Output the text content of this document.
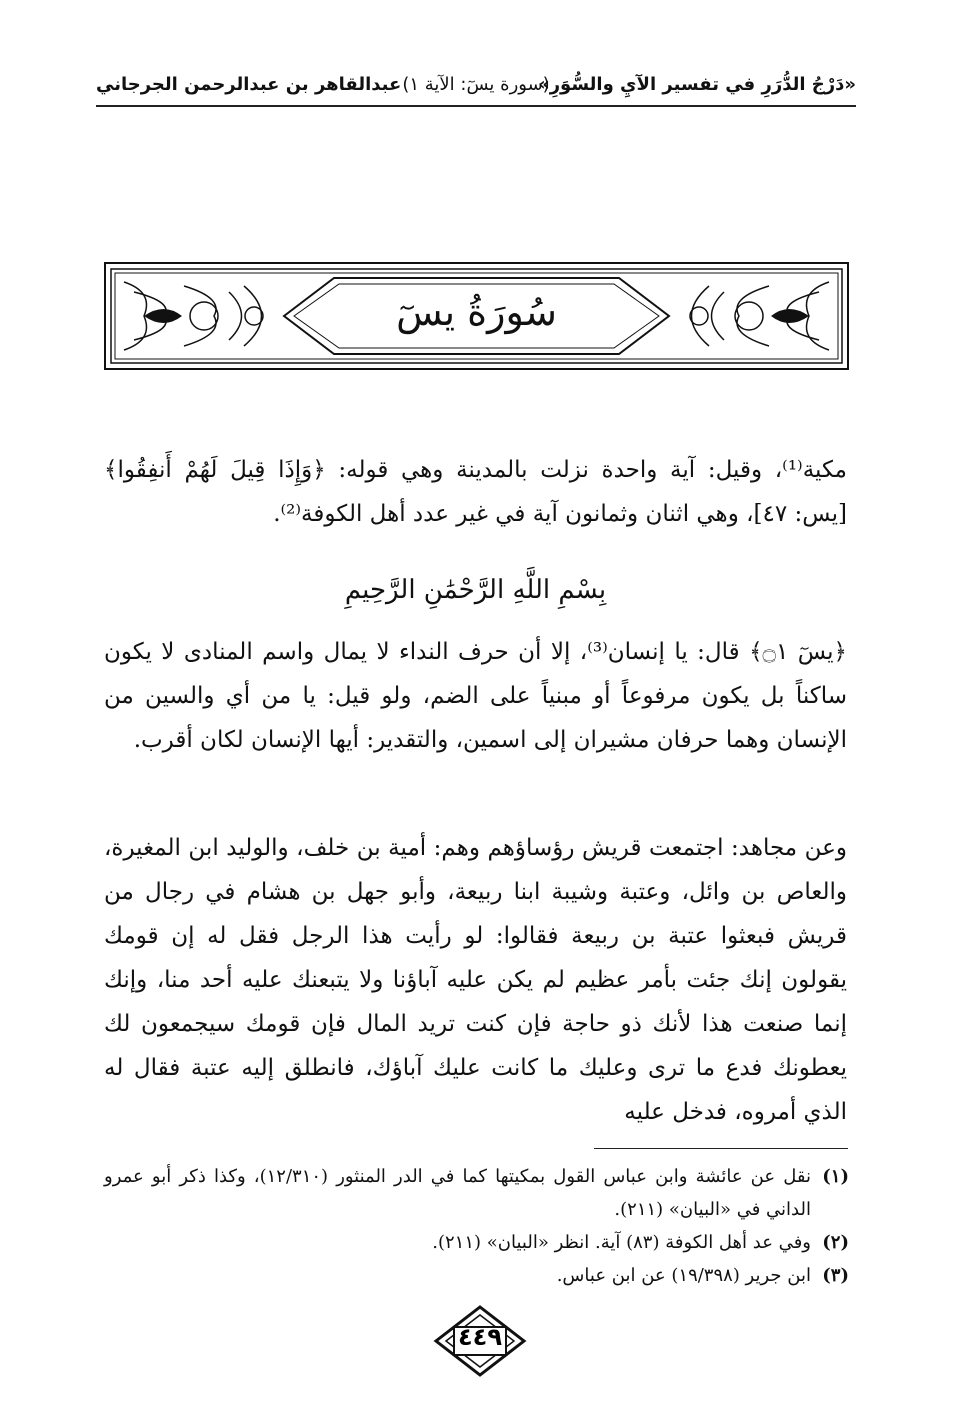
«دَرْجُ الدُّرَرِ في تفسير الآيِ والسُّوَرِ»
(سورة يسٓ: الآية ١)
عبدالقاهر بن عبدالرحمن الجرجاني
سُورَةُ يسٓ
مكية⁽¹⁾، وقيل: آية واحدة نزلت بالمدينة وهي قوله: ﴿وَإِذَا قِيلَ لَهُمْ أَنفِقُوا﴾ [يس: ٤٧]، وهي اثنان وثمانون آية في غير عدد أهل الكوفة⁽²⁾.
بِسْمِ اللَّهِ الرَّحْمَٰنِ الرَّحِيمِ
﴿يسٓ ۝١﴾ قال: يا إنسان⁽³⁾، إلا أن حرف النداء لا يمال واسم المنادى لا يكون ساكناً بل يكون مرفوعاً أو مبنياً على الضم، ولو قيل: يا من أي والسين من الإنسان وهما حرفان مشيران إلى اسمين، والتقدير: أيها الإنسان لكان أقرب.
وعن مجاهد: اجتمعت قريش رؤساؤهم وهم: أمية بن خلف، والوليد ابن المغيرة، والعاص بن وائل، وعتبة وشيبة ابنا ربيعة، وأبو جهل بن هشام في رجال من قريش فبعثوا عتبة بن ربيعة فقالوا: لو رأيت هذا الرجل فقل له إن قومك يقولون إنك جئت بأمر عظيم لم يكن عليه آباؤنا ولا يتبعنك عليه أحد منا، وإنك إنما صنعت هذا لأنك ذو حاجة فإن كنت تريد المال فإن قومك سيجمعون لك يعطونك فدع ما ترى وعليك ما كانت عليك آباؤك، فانطلق إليه عتبة فقال له الذي أمروه، فدخل عليه
(١)
نقل عن عائشة وابن عباس القول بمكيتها كما في الدر المنثور (١٢/٣١٠)، وكذا ذكر أبو عمرو الداني في «البيان» (٢١١).
(٢)
وفي عد أهل الكوفة (٨٣) آية. انظر «البيان» (٢١١).
(٣)
ابن جرير (١٩/٣٩٨) عن ابن عباس.
٤٤٩
